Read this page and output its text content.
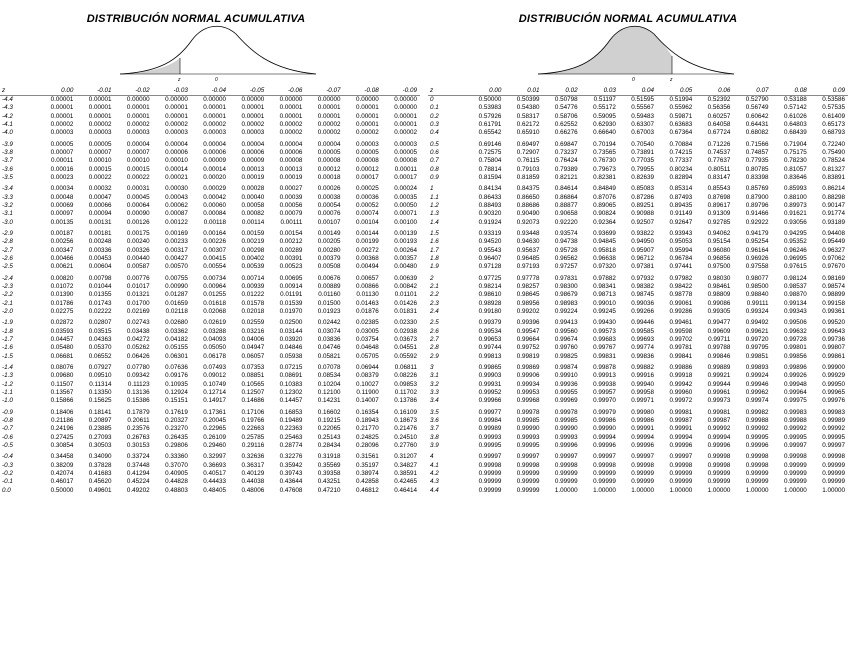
DISTRIBUCIÓN NORMAL ACUMULATIVA
z	0
z	0.00	-0.01	-0.02	-0.03	-0.04	-0.05	-0.06	-0.07	-0.08	-0.09
-4.4	0.00001	0.00001	0.00000	0.00000	0.00000	0.00000	0.00000	0.00000	0.00000	0.00000
-4.3	0.00001	0.00001	0.00001	0.00001	0.00001	0.00001	0.00001	0.00001	0.00001	0.00000
-4.2	0.00001	0.00001	0.00001	0.00001	0.00001	0.00001	0.00001	0.00001	0.00001	0.00001
-4.1	0.00002	0.00002	0.00002	0.00002	0.00002	0.00002	0.00002	0.00002	0.00001	0.00001
-4.0	0.00003	0.00003	0.00003	0.00003	0.00003	0.00003	0.00002	0.00002	0.00002	0.00002
-3.9	0.00005	0.00005	0.00004	0.00004	0.00004	0.00004	0.00004	0.00004	0.00003	0.00003
-3.8	0.00007	0.00007	0.00007	0.00006	0.00006	0.00006	0.00006	0.00005	0.00005	0.00005
-3.7	0.00011	0.00010	0.00010	0.00010	0.00009	0.00009	0.00008	0.00008	0.00008	0.00008
-3.6	0.00016	0.00015	0.00015	0.00014	0.00014	0.00013	0.00013	0.00012	0.00012	0.00011
-3.5	0.00023	0.00022	0.00022	0.00021	0.00020	0.00019	0.00019	0.00018	0.00017	0.00017
-3.4	0.00034	0.00032	0.00031	0.00030	0.00029	0.00028	0.00027	0.00026	0.00025	0.00024
-3.3	0.00048	0.00047	0.00045	0.00043	0.00042	0.00040	0.00039	0.00038	0.00036	0.00035
-3.2	0.00069	0.00066	0.00064	0.00062	0.00060	0.00058	0.00056	0.00054	0.00052	0.00050
-3.1	0.00097	0.00094	0.00090	0.00087	0.00084	0.00082	0.00079	0.00076	0.00074	0.00071
-3.0	0.00135	0.00131	0.00126	0.00122	0.00118	0.00114	0.00111	0.00107	0.00104	0.00100
-2.9	0.00187	0.00181	0.00175	0.00169	0.00164	0.00159	0.00154	0.00149	0.00144	0.00139
-2.8	0.00256	0.00248	0.00240	0.00233	0.00226	0.00219	0.00212	0.00205	0.00199	0.00193
-2.7	0.00347	0.00336	0.00326	0.00317	0.00307	0.00298	0.00289	0.00280	0.00272	0.00264
-2.6	0.00466	0.00453	0.00440	0.00427	0.00415	0.00402	0.00391	0.00379	0.00368	0.00357
-2.5	0.00621	0.00604	0.00587	0.00570	0.00554	0.00539	0.00523	0.00508	0.00494	0.00480
-2.4	0.00820	0.00798	0.00776	0.00755	0.00734	0.00714	0.00695	0.00676	0.00657	0.00639
-2.3	0.01072	0.01044	0.01017	0.00990	0.00964	0.00939	0.00914	0.00889	0.00866	0.00842
-2.2	0.01390	0.01355	0.01321	0.01287	0.01255	0.01222	0.01191	0.01160	0.01130	0.01101
-2.1	0.01786	0.01743	0.01700	0.01659	0.01618	0.01578	0.01539	0.01500	0.01463	0.01426
-2.0	0.02275	0.02222	0.02169	0.02118	0.02068	0.02018	0.01970	0.01923	0.01876	0.01831
-1.9	0.02872	0.02807	0.02743	0.02680	0.02619	0.02559	0.02500	0.02442	0.02385	0.02330
-1.8	0.03593	0.03515	0.03438	0.03362	0.03288	0.03216	0.03144	0.03074	0.03005	0.02938
-1.7	0.04457	0.04363	0.04272	0.04182	0.04093	0.04006	0.03920	0.03836	0.03754	0.03673
-1.6	0.05480	0.05370	0.05262	0.05155	0.05050	0.04947	0.04846	0.04746	0.04648	0.04551
-1.5	0.06681	0.06552	0.06426	0.06301	0.06178	0.06057	0.05938	0.05821	0.05705	0.05592
-1.4	0.08076	0.07927	0.07780	0.07636	0.07493	0.07353	0.07215	0.07078	0.06944	0.06811
-1.3	0.09680	0.09510	0.09342	0.09176	0.09012	0.08851	0.08691	0.08534	0.08379	0.08226
-1.2	0.11507	0.11314	0.11123	0.10935	0.10749	0.10565	0.10383	0.10204	0.10027	0.09853
-1.1	0.13567	0.13350	0.13136	0.12924	0.12714	0.12507	0.12302	0.12100	0.11900	0.11702
-1.0	0.15866	0.15625	0.15386	0.15151	0.14917	0.14686	0.14457	0.14231	0.14007	0.13786
-0.9	0.18406	0.18141	0.17879	0.17619	0.17361	0.17106	0.16853	0.16602	0.16354	0.16109
-0.8	0.21186	0.20897	0.20611	0.20327	0.20045	0.19766	0.19489	0.19215	0.18943	0.18673
-0.7	0.24196	0.23885	0.23576	0.23270	0.22965	0.22663	0.22363	0.22065	0.21770	0.21476
-0.6	0.27425	0.27093	0.26763	0.26435	0.26109	0.25785	0.25463	0.25143	0.24825	0.24510
-0.5	0.30854	0.30503	0.30153	0.29806	0.29460	0.29116	0.28774	0.28434	0.28096	0.27760
-0.4	0.34458	0.34090	0.33724	0.33360	0.32997	0.32636	0.32276	0.31918	0.31561	0.31207
-0.3	0.38209	0.37828	0.37448	0.37070	0.36693	0.36317	0.35942	0.35569	0.35197	0.34827
-0.2	0.42074	0.41683	0.41294	0.40905	0.40517	0.40129	0.39743	0.39358	0.38974	0.38591
-0.1	0.46017	0.45620	0.45224	0.44828	0.44433	0.44038	0.43644	0.43251	0.42858	0.42465
0.0	0.50000	0.49601	0.49202	0.48803	0.48405	0.48006	0.47608	0.47210	0.46812	0.46414
DISTRIBUCIÓN NORMAL ACUMULATIVA
0	z
z	0.00	0.01	0.02	0.03	0.04	0.05	0.06	0.07	0.08	0.09
0	0.50000	0.50399	0.50798	0.51197	0.51595	0.51994	0.52392	0.52790	0.53188	0.53586
0.1	0.53983	0.54380	0.54776	0.55172	0.55567	0.55962	0.56356	0.56749	0.57142	0.57535
0.2	0.57926	0.58317	0.58706	0.59095	0.59483	0.59871	0.60257	0.60642	0.61026	0.61409
0.3	0.61791	0.62172	0.62552	0.62930	0.63307	0.63683	0.64058	0.64431	0.64803	0.65173
0.4	0.65542	0.65910	0.66276	0.66640	0.67003	0.67364	0.67724	0.68082	0.68439	0.68793
0.5	0.69146	0.69497	0.69847	0.70194	0.70540	0.70884	0.71226	0.71566	0.71904	0.72240
0.6	0.72575	0.72907	0.73237	0.73565	0.73891	0.74215	0.74537	0.74857	0.75175	0.75490
0.7	0.75804	0.76115	0.76424	0.76730	0.77035	0.77337	0.77637	0.77935	0.78230	0.78524
0.8	0.78814	0.79103	0.79389	0.79673	0.79955	0.80234	0.80511	0.80785	0.81057	0.81327
0.9	0.81594	0.81859	0.82121	0.82381	0.82639	0.82894	0.83147	0.83398	0.83646	0.83891
1	0.84134	0.84375	0.84614	0.84849	0.85083	0.85314	0.85543	0.85769	0.85993	0.86214
1.1	0.86433	0.86650	0.86864	0.87076	0.87286	0.87493	0.87698	0.87900	0.88100	0.88298
1.2	0.88493	0.88686	0.88877	0.89065	0.89251	0.89435	0.89617	0.89796	0.89973	0.90147
1.3	0.90320	0.90490	0.90658	0.90824	0.90988	0.91149	0.91309	0.91466	0.91621	0.91774
1.4	0.91924	0.92073	0.92220	0.92364	0.92507	0.92647	0.92785	0.92922	0.93056	0.93189
1.5	0.93319	0.93448	0.93574	0.93699	0.93822	0.93943	0.94062	0.94179	0.94295	0.94408
1.6	0.94520	0.94630	0.94738	0.94845	0.94950	0.95053	0.95154	0.95254	0.95352	0.95449
1.7	0.95543	0.95637	0.95728	0.95818	0.95907	0.95994	0.96080	0.96164	0.96246	0.96327
1.8	0.96407	0.96485	0.96562	0.96638	0.96712	0.96784	0.96856	0.96926	0.96995	0.97062
1.9	0.97128	0.97193	0.97257	0.97320	0.97381	0.97441	0.97500	0.97558	0.97615	0.97670
2	0.97725	0.97778	0.97831	0.97882	0.97932	0.97982	0.98030	0.98077	0.98124	0.98169
2.1	0.98214	0.98257	0.98300	0.98341	0.98382	0.98422	0.98461	0.98500	0.98537	0.98574
2.2	0.98610	0.98645	0.98679	0.98713	0.98745	0.98778	0.98809	0.98840	0.98870	0.98899
2.3	0.98928	0.98956	0.98983	0.99010	0.99036	0.99061	0.99086	0.99111	0.99134	0.99158
2.4	0.99180	0.99202	0.99224	0.99245	0.99266	0.99286	0.99305	0.99324	0.99343	0.99361
2.5	0.99379	0.99396	0.99413	0.99430	0.99446	0.99461	0.99477	0.99492	0.99506	0.99520
2.6	0.99534	0.99547	0.99560	0.99573	0.99585	0.99598	0.99609	0.99621	0.99632	0.99643
2.7	0.99653	0.99664	0.99674	0.99683	0.99693	0.99702	0.99711	0.99720	0.99728	0.99736
2.8	0.99744	0.99752	0.99760	0.99767	0.99774	0.99781	0.99788	0.99795	0.99801	0.99807
2.9	0.99813	0.99819	0.99825	0.99831	0.99836	0.99841	0.99846	0.99851	0.99856	0.99861
3	0.99865	0.99869	0.99874	0.99878	0.99882	0.99886	0.99889	0.99893	0.99896	0.99900
3.1	0.99903	0.99906	0.99910	0.99913	0.99916	0.99918	0.99921	0.99924	0.99926	0.99929
3.2	0.99931	0.99934	0.99936	0.99938	0.99940	0.99942	0.99944	0.99946	0.99948	0.99950
3.3	0.99952	0.99953	0.99955	0.99957	0.99958	0.99960	0.99961	0.99962	0.99964	0.99965
3.4	0.99966	0.99968	0.99969	0.99970	0.99971	0.99972	0.99973	0.99974	0.99975	0.99976
3.5	0.99977	0.99978	0.99978	0.99979	0.99980	0.99981	0.99981	0.99982	0.99983	0.99983
3.6	0.99984	0.99985	0.99985	0.99986	0.99986	0.99987	0.99987	0.99988	0.99988	0.99989
3.7	0.99989	0.99990	0.99990	0.99990	0.99991	0.99991	0.99992	0.99992	0.99992	0.99992
3.8	0.99993	0.99993	0.99993	0.99994	0.99994	0.99994	0.99994	0.99995	0.99995	0.99995
3.9	0.99995	0.99995	0.99996	0.99996	0.99996	0.99996	0.99996	0.99996	0.99997	0.99997
4	0.99997	0.99997	0.99997	0.99997	0.99997	0.99997	0.99998	0.99998	0.99998	0.99998
4.1	0.99998	0.99998	0.99998	0.99998	0.99998	0.99998	0.99998	0.99998	0.99999	0.99999
4.2	0.99999	0.99999	0.99999	0.99999	0.99999	0.99999	0.99999	0.99999	0.99999	0.99999
4.3	0.99999	0.99999	0.99999	0.99999	0.99999	0.99999	0.99999	0.99999	0.99999	0.99999
4.4	0.99999	0.99999	1.00000	1.00000	1.00000	1.00000	1.00000	1.00000	1.00000	1.00000
